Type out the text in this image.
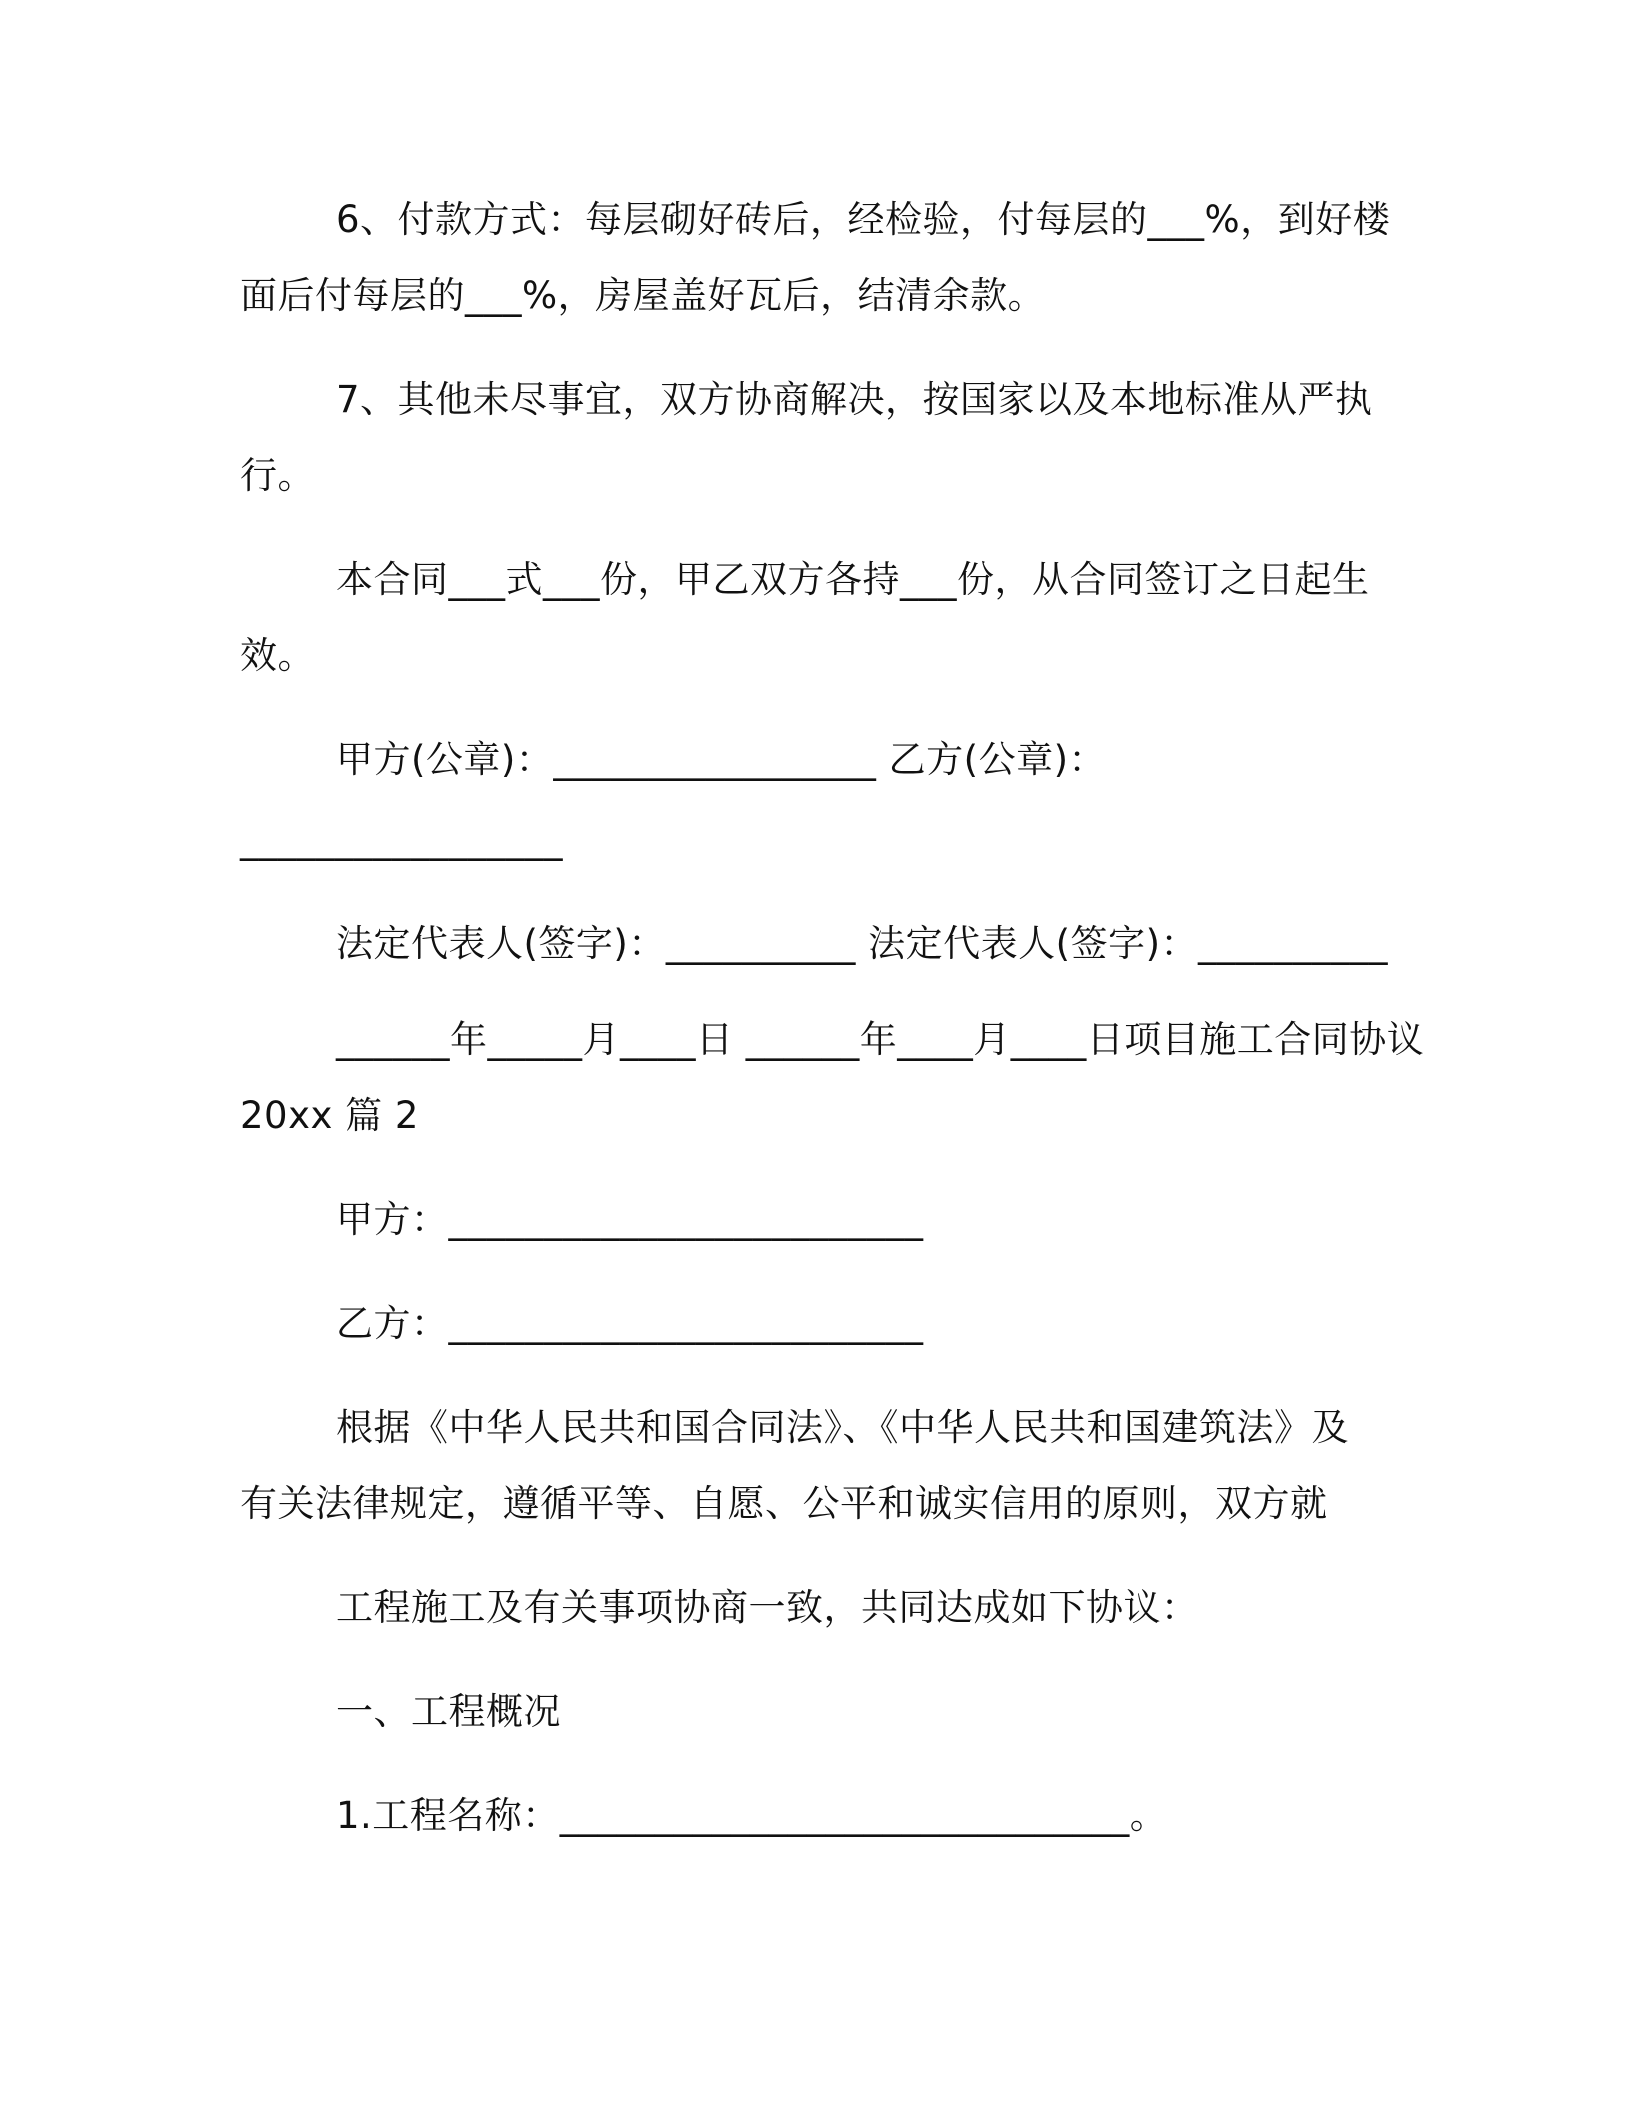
6、付款方式：每层砌好砖后，经检验，付每层的___%，到好楼
面后付每层的___%，房屋盖好瓦后，结清余款。
7、其他未尽事宜，双方协商解决，按国家以及本地标准从严执
行。
本合同___式___份，甲乙双方各持___份，从合同签订之日起生
效。
甲方(公章)：_________________ 乙方(公章)：
_________________
法定代表人(签字)：__________ 法定代表人(签字)：__________
______年_____月____日 ______年____月____日项目施工合同协议
20xx 篇 2
甲方：_________________________
乙方：_________________________
根据《中华人民共和国合同法》、《中华人民共和国建筑法》及
有关法律规定，遵循平等、自愿、公平和诚实信用的原则，双方就
工程施工及有关事项协商一致，共同达成如下协议：
一、工程概况
1.工程名称：______________________________。
